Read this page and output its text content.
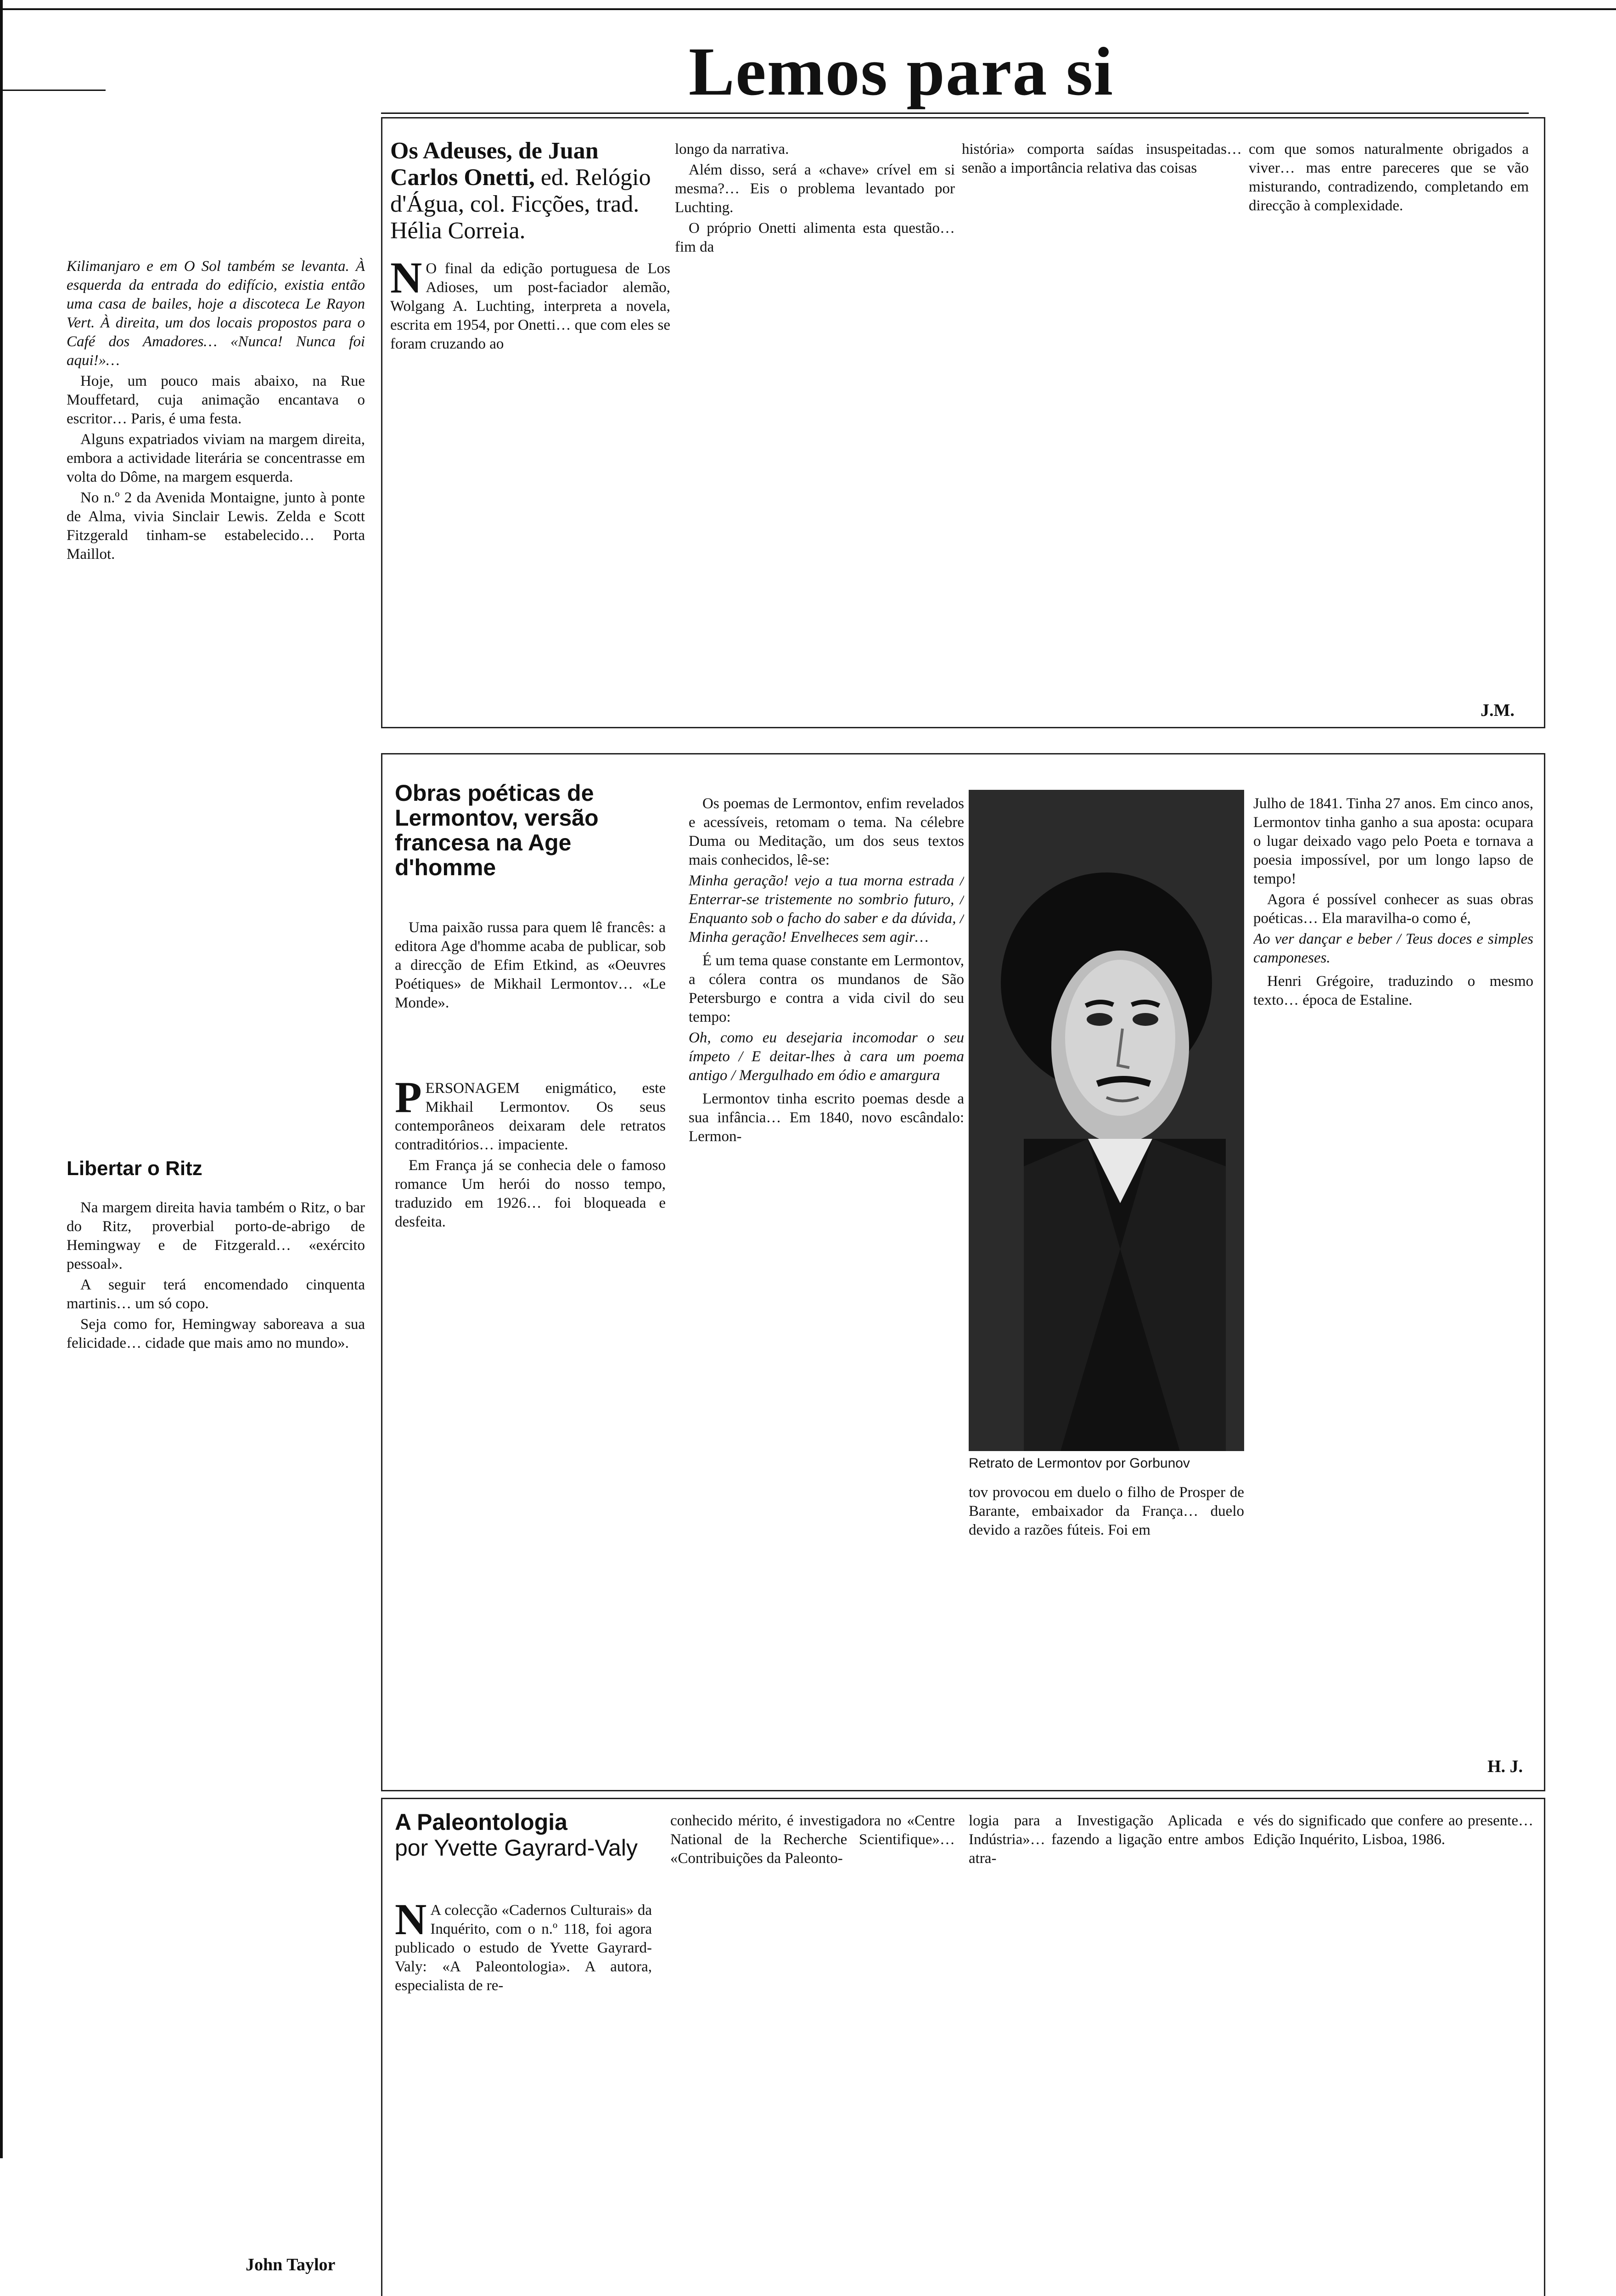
Lemos para si

Kilimanjaro e em O Sol também se levanta. À esquerda da entrada do edifício, existia então uma casa de bailes, hoje a discoteca Le Rayon Vert. À direita, um dos locais propostos para o Café dos Amadores… «Nunca! Nunca foi aqui!»…

Hoje, um pouco mais abaixo, na Rue Mouffetard, cuja animação encantava o escritor… Paris, é uma festa.

Alguns expatriados viviam na margem direita, embora a actividade literária se concentrasse em volta do Dôme, na margem esquerda.

No n.º 2 da Avenida Montaigne, junto à ponte de Alma, vivia Sinclair Lewis. Zelda e Scott Fitzgerald tinham-se estabelecido… Porta Maillot.

Libertar o Ritz

Na margem direita havia também o Ritz, o bar do Ritz, proverbial porto-de-abrigo de Hemingway e de Fitzgerald… «exército pessoal».

A seguir terá encomendado cinquenta martinis… um só copo.

Seja como for, Hemingway saboreava a sua felicidade… cidade que mais amo no mundo».

John Taylor
Os Adeuses, de Juan Carlos Onetti, ed. Relógio d'Água, col. Ficções, trad. Hélia Correia.
N O final da edição portuguesa de Los Adioses, um post-faciador alemão, Wolgang A. Luchting, interpreta a novela, escrita em 1954, por Onetti… que com eles se foram cruzando ao

longo da narrativa.

Além disso, será a «chave» crível em si mesma?… Eis o problema levantado por Luchting.

O próprio Onetti alimenta esta questão… fim da

história» comporta saídas insuspeitadas… senão a importância relativa das coisas

com que somos naturalmente obrigados a viver… mas entre pareceres que se vão misturando, contradizendo, completando em direcção à complexidade.

J.M.
Obras poéticas de Lermontov, versão francesa na Age d'homme

Uma paixão russa para quem lê francês: a editora Age d'homme acaba de publicar, sob a direcção de Efim Etkind, as «Oeuvres Poétiques» de Mikhail Lermontov… «Le Monde».

P ERSONAGEM enigmático, este Mikhail Lermontov. Os seus contemporâneos deixaram dele retratos contraditórios… impaciente.

Em França já se conhecia dele o famoso romance Um herói do nosso tempo, traduzido em 1926… foi bloqueada e desfeita.

Os poemas de Lermontov, enfim revelados e acessíveis, retomam o tema. Na célebre Duma ou Meditação, um dos seus textos mais conhecidos, lê-se:

Minha geração! vejo a tua morna estrada / Enterrar-se tristemente no sombrio futuro, / Enquanto sob o facho do saber e da dúvida, / Minha geração! Envelheces sem agir…

É um tema quase constante em Lermontov, a cólera contra os mundanos de São Petersburgo e contra a vida civil do seu tempo:

Oh, como eu desejaria incomodar o seu ímpeto / E deitar-lhes à cara um poema antigo / Mergulhado em ódio e amargura

Lermontov tinha escrito poemas desde a sua infância… Em 1840, novo escândalo: Lermon-

Retrato de Lermontov por Gorbunov

tov provocou em duelo o filho de Prosper de Barante, embaixador da França… duelo devido a razões fúteis. Foi em

Julho de 1841. Tinha 27 anos. Em cinco anos, Lermontov tinha ganho a sua aposta: ocupara o lugar deixado vago pelo Poeta e tornava a poesia impossível, por um longo lapso de tempo!

Agora é possível conhecer as suas obras poéticas… Ela maravilha-o como é,

Ao ver dançar e beber / Teus doces e simples camponeses.

Henri Grégoire, traduzindo o mesmo texto… época de Estaline.

H. J.
A Paleontologia
por Yvette Gayrard-Valy
N A colecção «Cadernos Culturais» da Inquérito, com o n.º 118, foi agora publicado o estudo de Yvette Gayrard-Valy: «A Paleontologia». A autora, especialista de re-

conhecido mérito, é investigadora no «Centre National de la Recherche Scientifique»… «Contribuições da Paleonto-

logia para a Investigação Aplicada e Indústria»… fazendo a ligação entre ambos atra-

vés do significado que confere ao presente… Edição Inquérito, Lisboa, 1986.
